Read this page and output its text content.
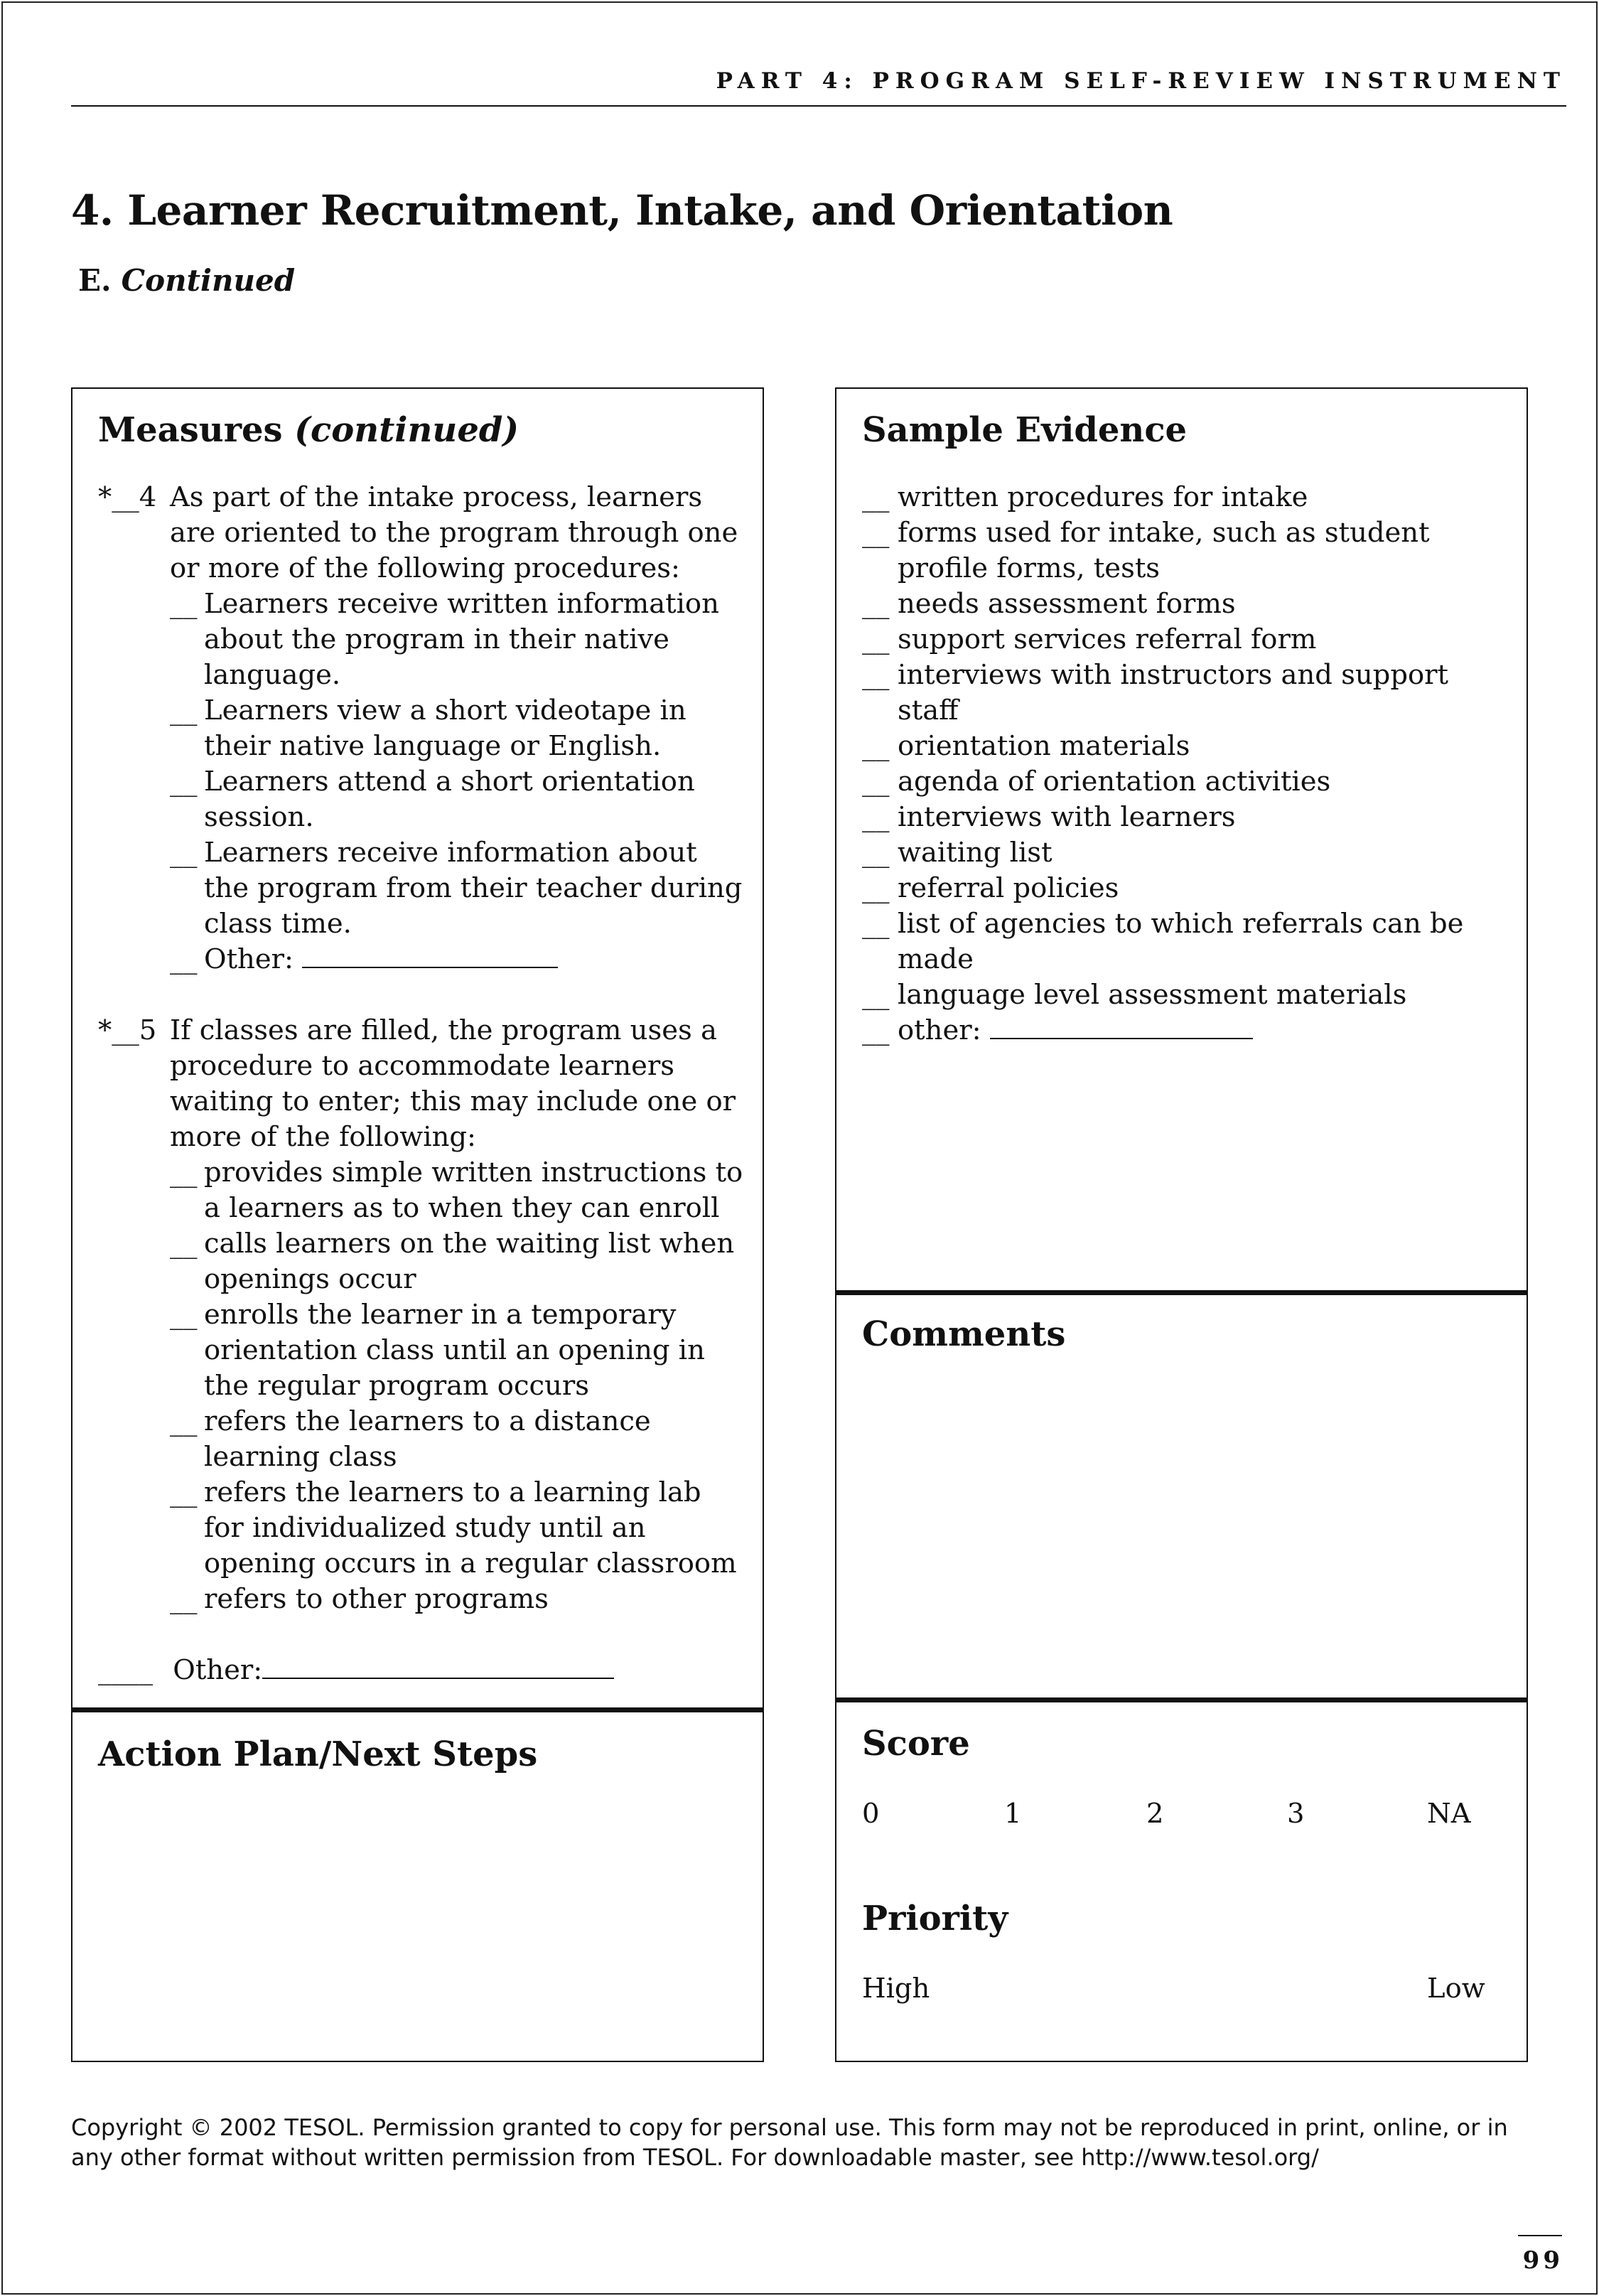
PART 4: PROGRAM SELF-REVIEW INSTRUMENT
4. Learner Recruitment, Intake, and Orientation
E. Continued
Measures (continued)
*__4 As part of the intake process, learners are oriented to the program through one or more of the following procedures:
__ Learners receive written information about the program in their native language.
__ Learners view a short videotape in their native language or English.
__ Learners attend a short orientation session.
__ Learners receive information about the program from their teacher during class time.
__ Other:
*__5 If classes are filled, the program uses a procedure to accommodate learners waiting to enter; this may include one or more of the following:
__ provides simple written instructions to a learners as to when they can enroll
__ calls learners on the waiting list when openings occur
__ enrolls the learner in a temporary orientation class until an opening in the regular program occurs
__ refers the learners to a distance learning class
__ refers the learners to a learning lab for individualized study until an opening occurs in a regular classroom
__ refers to other programs
____ Other:
Action Plan/Next Steps
Sample Evidence
__ written procedures for intake
__ forms used for intake, such as student profile forms, tests
__ needs assessment forms
__ support services referral form
__ interviews with instructors and support staff
__ orientation materials
__ agenda of orientation activities
__ interviews with learners
__ waiting list
__ referral policies
__ list of agencies to which referrals can be made
__ language level assessment materials
__ other:
Comments
Score
0	1	2	3	NA
Priority
High	Low
Copyright © 2002 TESOL. Permission granted to copy for personal use. This form may not be reproduced in print, online, or in any other format without written permission from TESOL. For downloadable master, see http://www.tesol.org/
99
